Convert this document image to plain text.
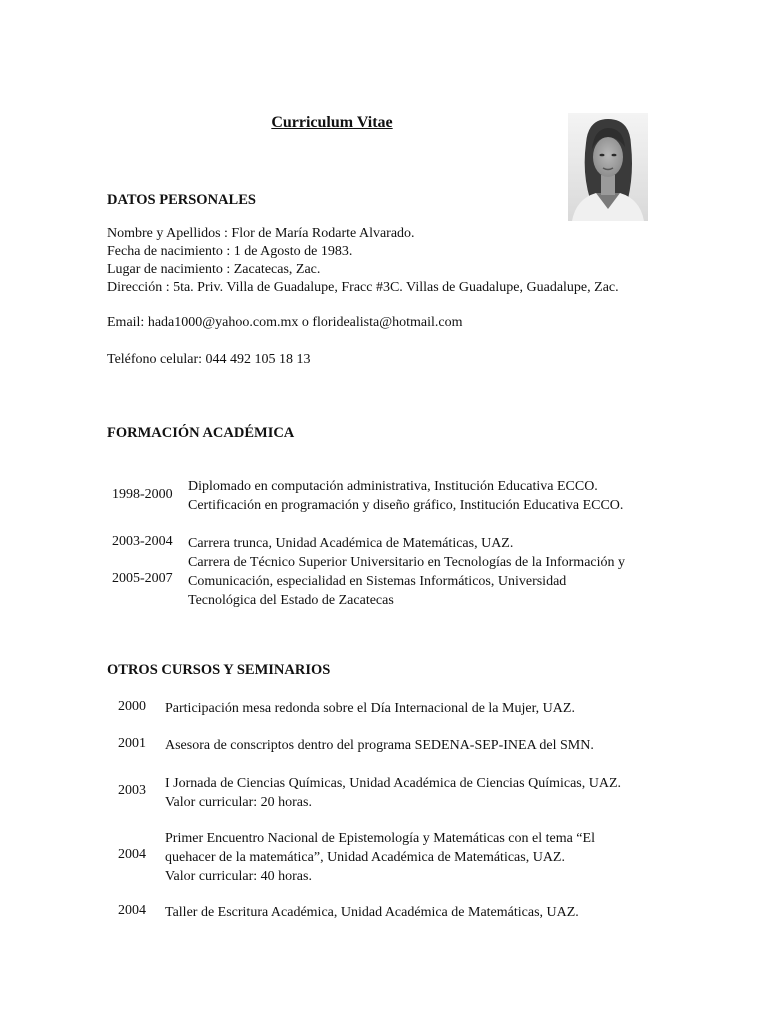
Curriculum Vitae
DATOS PERSONALES
Nombre y Apellidos : Flor de María Rodarte Alvarado.
Fecha de nacimiento : 1 de Agosto de 1983.
Lugar de nacimiento : Zacatecas, Zac.
Dirección : 5ta. Priv. Villa de Guadalupe, Fracc #3C. Villas de Guadalupe, Guadalupe, Zac.
Email: hada1000@yahoo.com.mx o floridealista@hotmail.com
Teléfono celular: 044 492 105 18 13
FORMACIÓN ACADÉMICA
1998-2000
Diplomado en computación administrativa, Institución Educativa ECCO.
Certificación en programación y diseño gráfico, Institución Educativa ECCO.
2003-2004 Carrera trunca, Unidad Académica de Matemáticas, UAZ.
2005-2007
Carrera de Técnico Superior Universitario en Tecnologías de la Información y
Comunicación, especialidad en Sistemas Informáticos, Universidad
Tecnológica del Estado de Zacatecas
OTROS CURSOS Y SEMINARIOS
2000 Participación mesa redonda sobre el Día Internacional de la Mujer, UAZ.
2001 Asesora de conscriptos dentro del programa SEDENA-SEP-INEA del SMN.
2003 I Jornada de Ciencias Químicas, Unidad Académica de Ciencias Químicas, UAZ.
Valor curricular: 20 horas.
2004
Primer Encuentro Nacional de Epistemología y Matemáticas con el tema “El
quehacer de la matemática”, Unidad Académica de Matemáticas, UAZ.
Valor curricular: 40 horas.
2004 Taller de Escritura Académica, Unidad Académica de Matemáticas, UAZ.
